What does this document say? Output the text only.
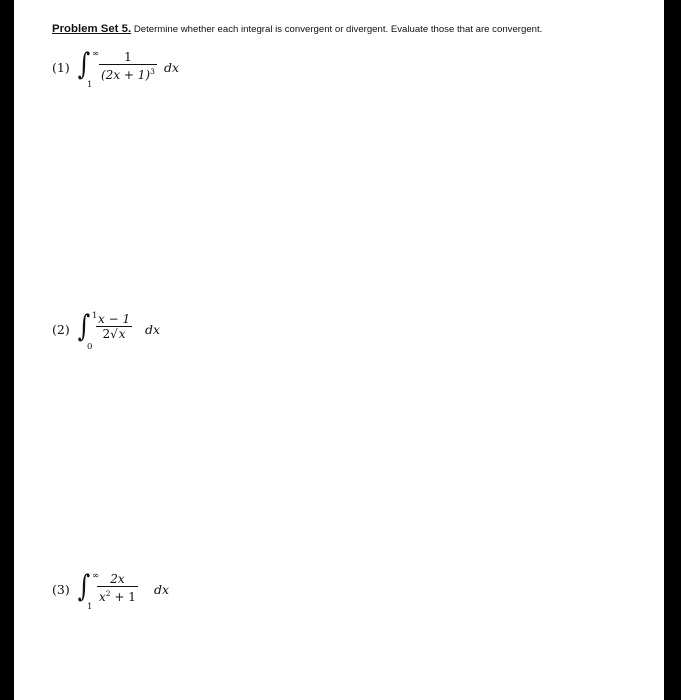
Problem Set 5. Determine whether each integral is convergent or divergent. Evaluate those that are convergent.
(1) ∫ ∞
1
1
$(2x + 1)^3$ dx
(2) ∫ 1
0
x − 1
2√x dx
(3) ∫ ∞
1
2x
$x^2 + 1$ dx
